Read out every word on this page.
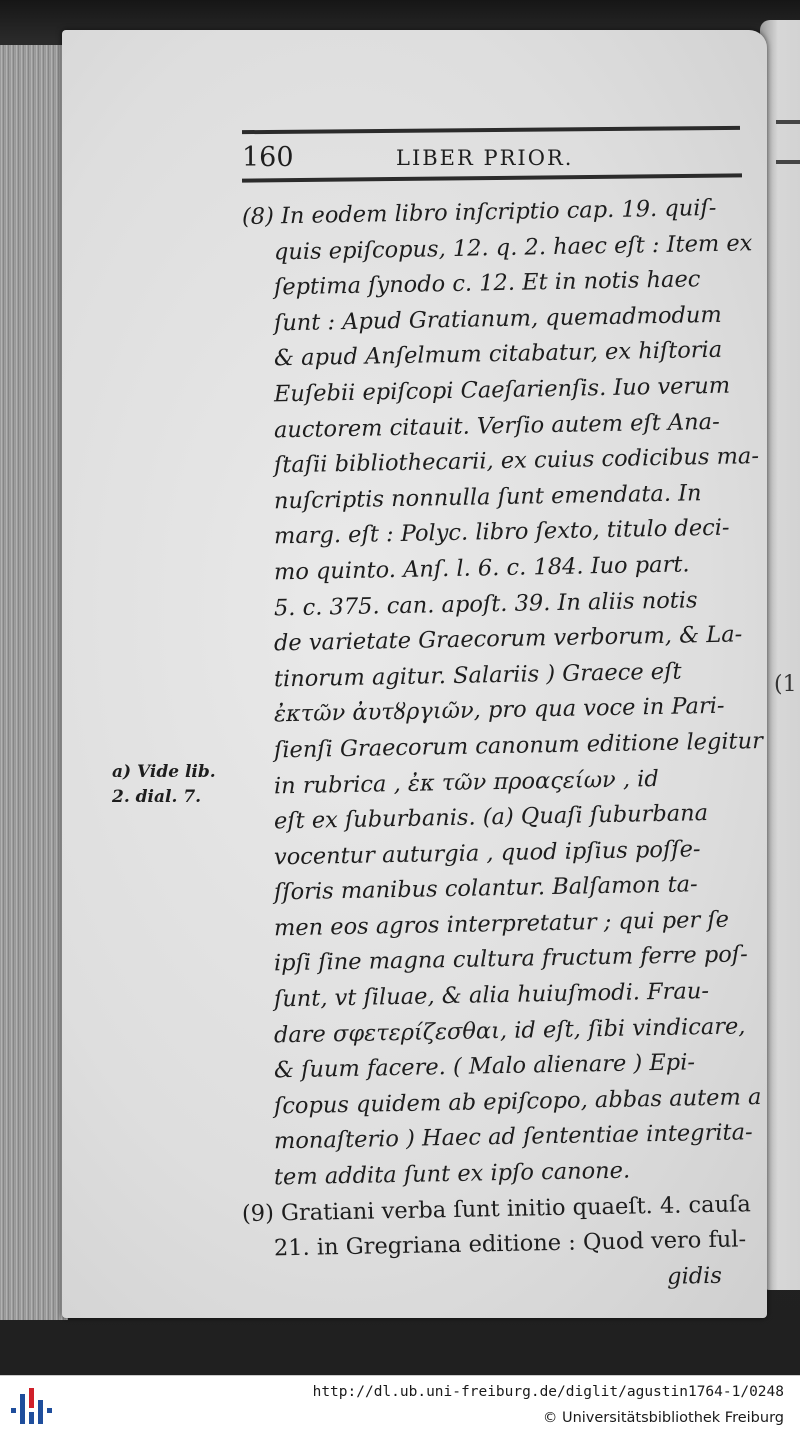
(1
160	LIBER PRIOR.
(8) In eodem libro inſcriptio cap. 19. quiſ-
quis epiſcopus, 12. q. 2. haec eſt : Item ex
ſeptima ſynodo c. 12. Et in notis haec
ſunt : Apud Gratianum, quemadmodum
& apud Anſelmum citabatur, ex hiſtoria
Euſebii epiſcopi Caeſarienſis. Iuo verum
auctorem citauit. Verſio autem eſt Ana-
ſtaſii bibliothecarii, ex cuius codicibus ma-
nuſcriptis nonnulla ſunt emendata. In
marg. eſt : Polyc. libro ſexto, titulo deci-
mo quinto. Anſ. l. 6. c. 184. Iuo part.
5. c. 375. can. apoſt. 39. In aliis notis
de varietate Graecorum verborum, & La-
tinorum agitur. Salariis ) Graece eſt
ἐκτῶν ἀυτȣργιῶν, pro qua voce in Pari-
ſienſi Graecorum canonum editione legitur
in rubrica , ἐκ τῶν προαςείων , id
eſt ex ſuburbanis. (a) Quaſi ſuburbana
vocentur auturgia , quod ipſius poſſe-
ſſoris manibus colantur. Balſamon ta-
men eos agros interpretatur ; qui per ſe
ipſi ſine magna cultura fructum ferre poſ-
ſunt, vt ſiluae, & alia huiuſmodi. Frau-
dare σφετερίζεσθαι, id eſt, ſibi vindicare,
& ſuum facere. ( Malo alienare ) Epi-
ſcopus quidem ab epiſcopo, abbas autem a
monaſterio ) Haec ad ſententiae integrita-
tem addita ſunt ex ipſo canone.
(9) Gratiani verba ſunt initio quaeſt. 4. cauſa
21. in Gregriana editione : Quod vero ful-
gidis
a) Vide lib.
2. dial. 7.
http://dl.ub.uni-freiburg.de/diglit/agustin1764-1/0248
© Universitätsbibliothek Freiburg
